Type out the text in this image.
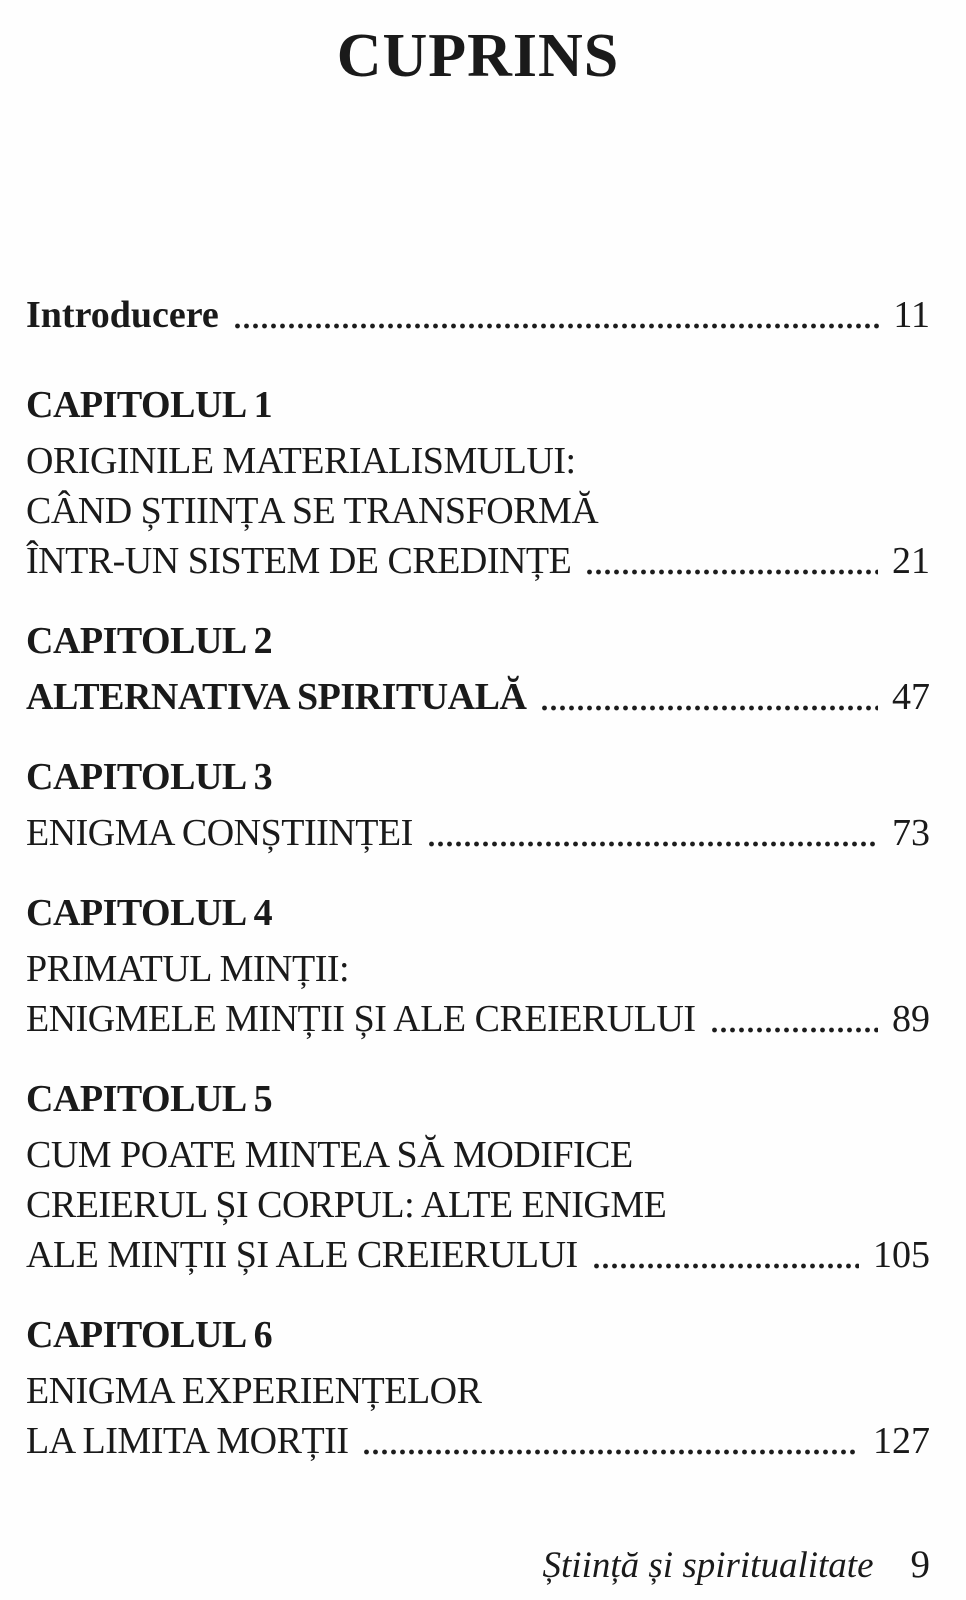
CUPRINS
Introducere	11
CAPITOLUL 1
ORIGINILE MATERIALISMULUI:
CÂND ȘTIINȚA SE TRANSFORMĂ
ÎNTR-UN SISTEM DE CREDINȚE	21
CAPITOLUL 2
ALTERNATIVA SPIRITUALĂ	47
CAPITOLUL 3
ENIGMA CONȘTIINȚEI	73
CAPITOLUL 4
PRIMATUL MINȚII:
ENIGMELE MINȚII ȘI ALE CREIERULUI	89
CAPITOLUL 5
CUM POATE MINTEA SĂ MODIFICE
CREIERUL ȘI CORPUL: ALTE ENIGME
ALE MINȚII ȘI ALE CREIERULUI	105
CAPITOLUL 6
ENIGMA EXPERIENȚELOR
LA LIMITA MORȚII	127
Știință și spiritualitate 9
